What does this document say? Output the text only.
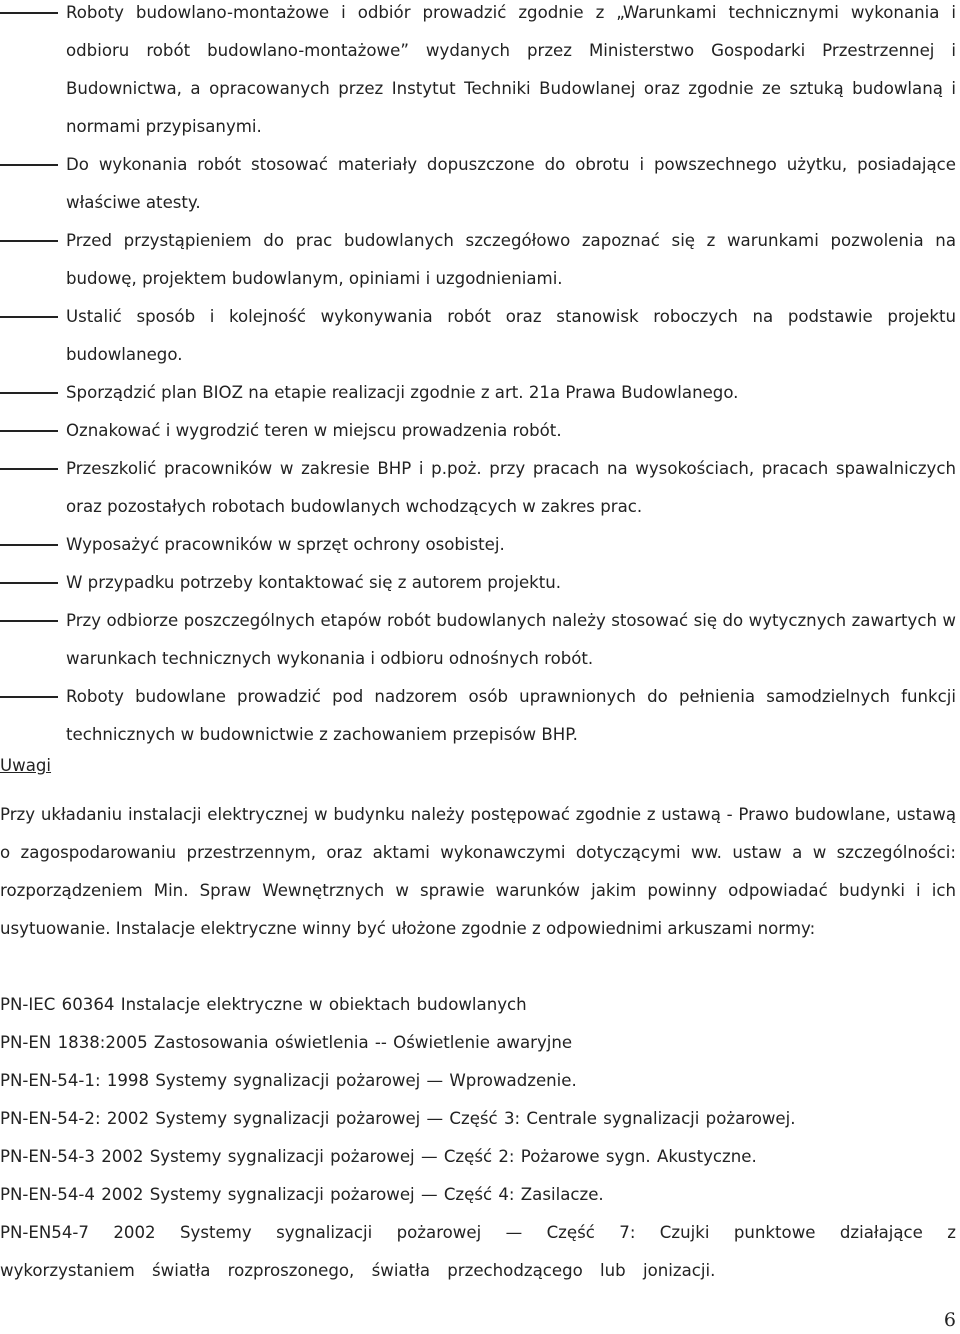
Roboty budowlano-montażowe i odbiór prowadzić zgodnie z „Warunkami technicznymi wykonania i odbioru robót budowlano-montażowe” wydanych przez Ministerstwo Gospodarki Przestrzennej i Budownictwa, a opracowanych przez Instytut Techniki Budowlanej oraz zgodnie ze sztuką budowlaną i normami przypisanymi.
Do wykonania robót stosować materiały dopuszczone do obrotu i powszechnego użytku, posiadające właściwe atesty.
Przed przystąpieniem do prac budowlanych szczegółowo zapoznać się z warunkami pozwolenia na budowę, projektem budowlanym, opiniami i uzgodnieniami.
Ustalić sposób i kolejność wykonywania robót oraz stanowisk roboczych na podstawie projektu budowlanego.
Sporządzić plan BIOZ na etapie realizacji zgodnie z art. 21a Prawa Budowlanego.
Oznakować i wygrodzić teren w miejscu prowadzenia robót.
Przeszkolić pracowników w zakresie BHP i p.poż. przy pracach na wysokościach, pracach spawalniczych oraz pozostałych robotach budowlanych wchodzących w zakres prac.
Wyposażyć pracowników w sprzęt ochrony osobistej.
W przypadku potrzeby kontaktować się z autorem projektu.
Przy odbiorze poszczególnych etapów robót budowlanych należy stosować się do wytycznych zawartych w warunkach technicznych wykonania i odbioru odnośnych robót.
Roboty budowlane prowadzić pod nadzorem osób uprawnionych do pełnienia samodzielnych funkcji technicznych w budownictwie z zachowaniem przepisów BHP.
Uwagi

Przy układaniu instalacji elektrycznej w budynku należy postępować zgodnie z ustawą - Prawo budowlane, ustawą o zagospodarowaniu przestrzennym, oraz aktami wykonawczymi dotyczącymi ww. ustaw a w szczególności: rozporządzeniem Min. Spraw Wewnętrznych w sprawie warunków jakim powinny odpowiadać budynki i ich usytuowanie. Instalacje elektryczne winny być ułożone zgodnie z odpowiednimi arkuszami normy:

PN-IEC 60364 Instalacje elektryczne w obiektach budowlanych
PN-EN 1838:2005 Zastosowania oświetlenia -- Oświetlenie awaryjne
PN-EN-54-1: 1998 Systemy sygnalizacji pożarowej — Wprowadzenie.
PN-EN-54-2: 2002 Systemy sygnalizacji pożarowej — Część 3: Centrale sygnalizacji pożarowej.
PN-EN-54-3 2002 Systemy sygnalizacji pożarowej — Część 2: Pożarowe sygn. Akustyczne.
PN-EN-54-4 2002 Systemy sygnalizacji pożarowej — Część 4: Zasilacze.
PN-EN54-7 2002 Systemy sygnalizacji pożarowej — Część 7: Czujki punktowe działające z wykorzystaniem światła rozproszonego, światła przechodzącego lub jonizacji.
6
